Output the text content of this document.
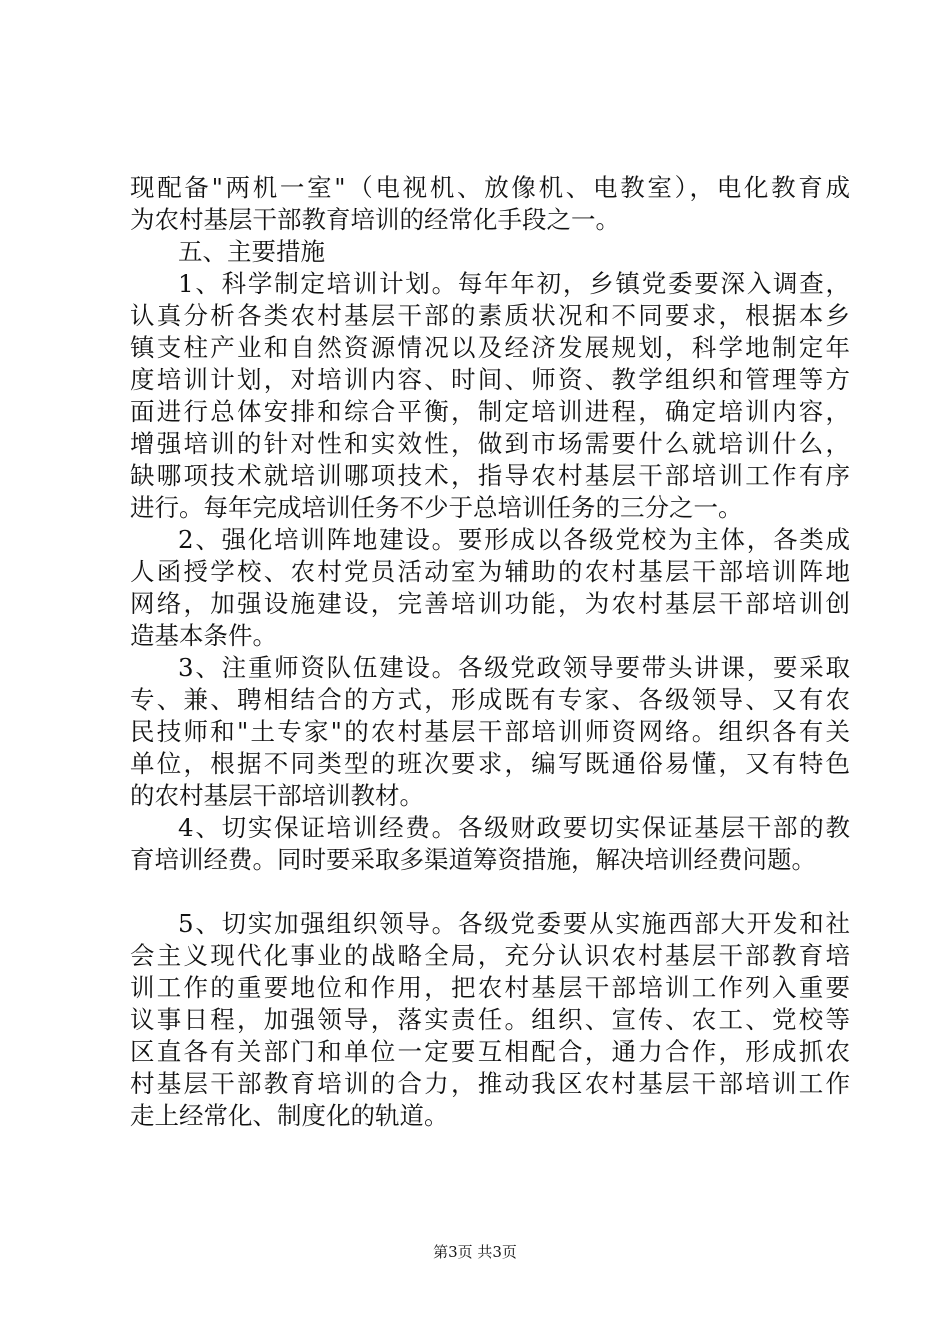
现配备"两机一室"（电视机、放像机、电教室），电化教育成
为农村基层干部教育培训的经常化手段之一。
五、主要措施
1、科学制定培训计划。每年年初，乡镇党委要深入调查，
认真分析各类农村基层干部的素质状况和不同要求，根据本乡
镇支柱产业和自然资源情况以及经济发展规划，科学地制定年
度培训计划，对培训内容、时间、师资、教学组织和管理等方
面进行总体安排和综合平衡，制定培训进程，确定培训内容，
增强培训的针对性和实效性，做到市场需要什么就培训什么，
缺哪项技术就培训哪项技术，指导农村基层干部培训工作有序
进行。每年完成培训任务不少于总培训任务的三分之一。
2、强化培训阵地建设。要形成以各级党校为主体，各类成
人函授学校、农村党员活动室为辅助的农村基层干部培训阵地
网络，加强设施建设，完善培训功能，为农村基层干部培训创
造基本条件。
3、注重师资队伍建设。各级党政领导要带头讲课，要采取
专、兼、聘相结合的方式，形成既有专家、各级领导、又有农
民技师和"土专家"的农村基层干部培训师资网络。组织各有关
单位，根据不同类型的班次要求，编写既通俗易懂，又有特色
的农村基层干部培训教材。
4、切实保证培训经费。各级财政要切实保证基层干部的教
育培训经费。同时要采取多渠道筹资措施，解决培训经费问题。
5、切实加强组织领导。各级党委要从实施西部大开发和社
会主义现代化事业的战略全局，充分认识农村基层干部教育培
训工作的重要地位和作用，把农村基层干部培训工作列入重要
议事日程，加强领导，落实责任。组织、宣传、农工、党校等
区直各有关部门和单位一定要互相配合，通力合作，形成抓农
村基层干部教育培训的合力，推动我区农村基层干部培训工作
走上经常化、制度化的轨道。
第3页 共3页
